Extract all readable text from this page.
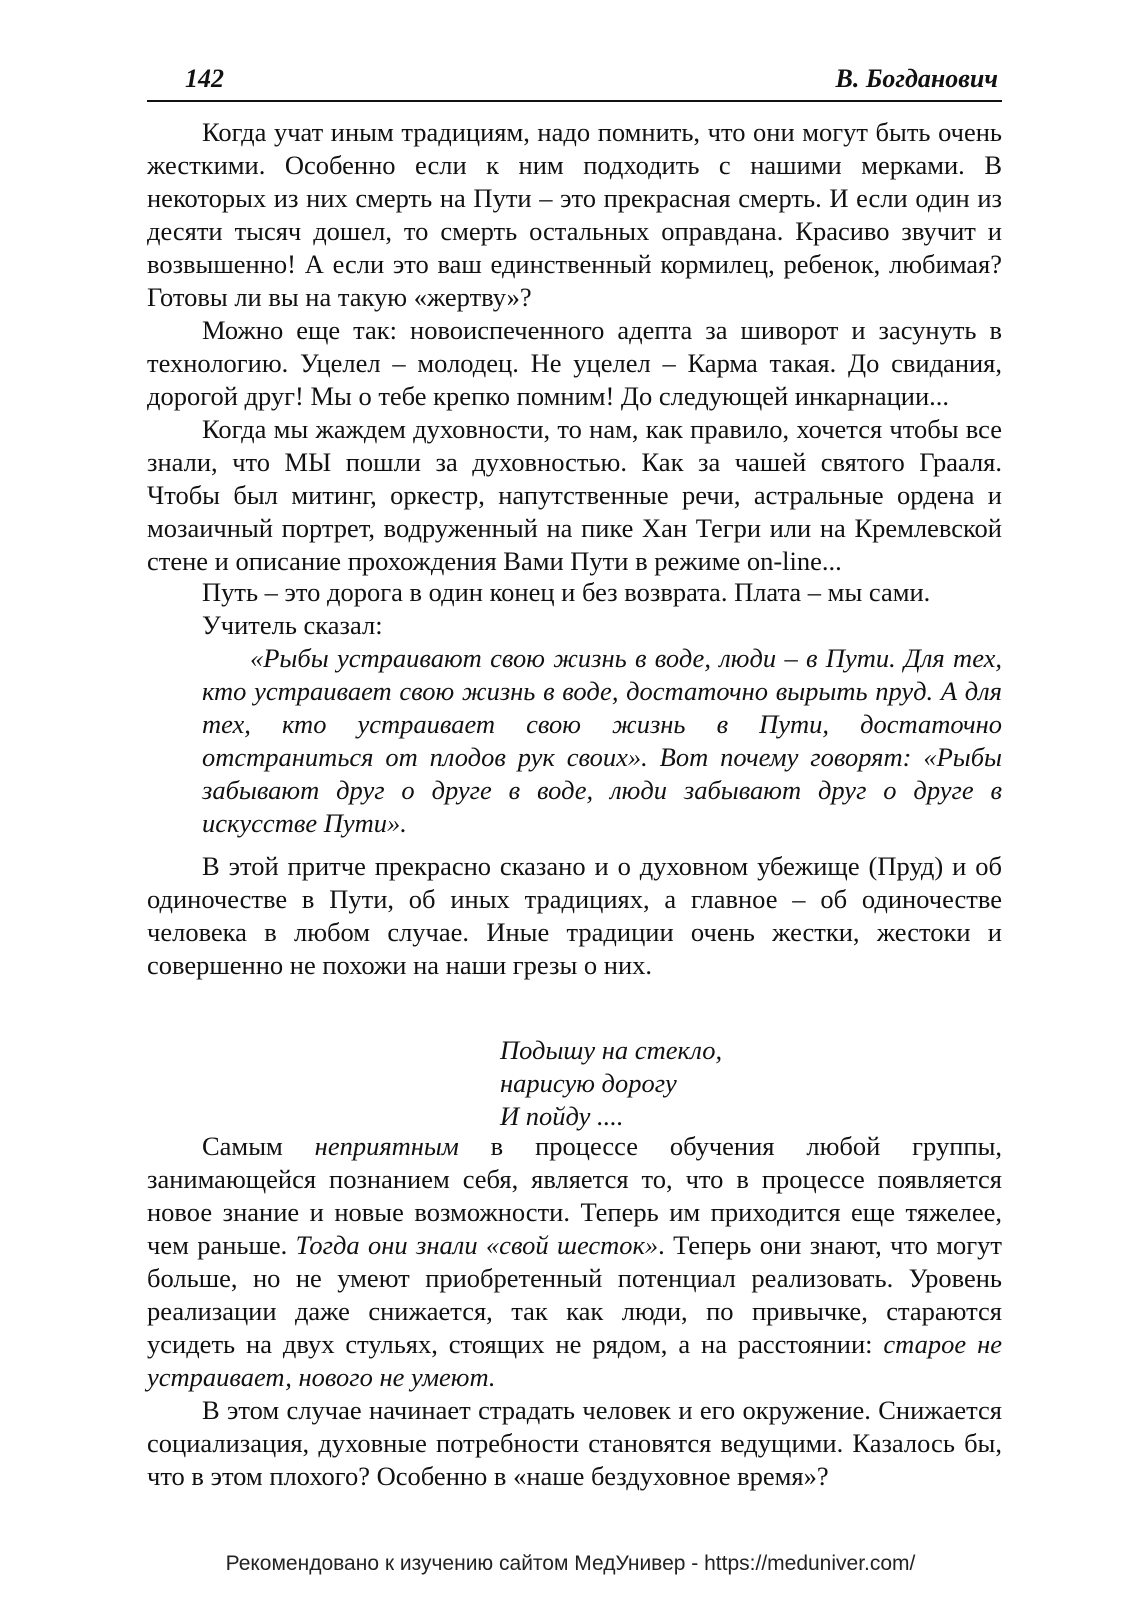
142	В. Богданович

Когда учат иным традициям, надо помнить, что они могут быть очень жесткими. Особенно если к ним подходить с нашими мерками. В некоторых из них смерть на Пути – это прекрасная смерть. И если один из десяти тысяч дошел, то смерть остальных оправдана. Красиво звучит и возвышенно! А если это ваш единственный кормилец, ребенок, любимая? Готовы ли вы на такую «жертву»?

Можно еще так: новоиспеченного адепта за шиворот и засунуть в технологию. Уцелел – молодец. Не уцелел – Карма такая. До свидания, дорогой друг! Мы о тебе крепко помним! До следующей инкарнации...

Когда мы жаждем духовности, то нам, как правило, хочется чтобы все знали, что МЫ пошли за духовностью. Как за чашей святого Грааля. Чтобы был митинг, оркестр, напутственные речи, астральные ордена и мозаичный портрет, водруженный на пике Хан Тегри или на Кремлевской стене и описание прохождения Вами Пути в режиме on-line...

Путь – это дорога в один конец и без возврата. Плата – мы сами.
Учитель сказал:

«Рыбы устраивают свою жизнь в воде, люди – в Пути. Для тех, кто устраивает свою жизнь в воде, достаточно вырыть пруд. А для тех, кто устраивает свою жизнь в Пути, достаточно отстраниться от плодов рук своих». Вот почему говорят: «Рыбы забывают друг о друге в воде, люди забывают друг о друге в искусстве Пути».

В этой притче прекрасно сказано и о духовном убежище (Пруд) и об одиночестве в Пути, об иных традициях, а главное – об одиночестве человека в любом случае. Иные традиции очень жестки, жестоки и совершенно не похожи на наши грезы о них.

Подышу на стекло,
нарисую дорогу
И пойду ....

Самым неприятным в процессе обучения любой группы, занимающейся познанием себя, является то, что в процессе появляется новое знание и новые возможности. Теперь им приходится еще тяжелее, чем раньше. Тогда они знали «свой шесток». Теперь они знают, что могут больше, но не умеют приобретенный потенциал реализовать. Уровень реализации даже снижается, так как люди, по привычке, стараются усидеть на двух стульях, стоящих не рядом, а на расстоянии: старое не устраивает, нового не умеют.

В этом случае начинает страдать человек и его окружение. Снижается социализация, духовные потребности становятся ведущими. Казалось бы, что в этом плохого? Особенно в «наше бездуховное время»?

Рекомендовано к изучению сайтом МедУнивер - https://meduniver.com/
